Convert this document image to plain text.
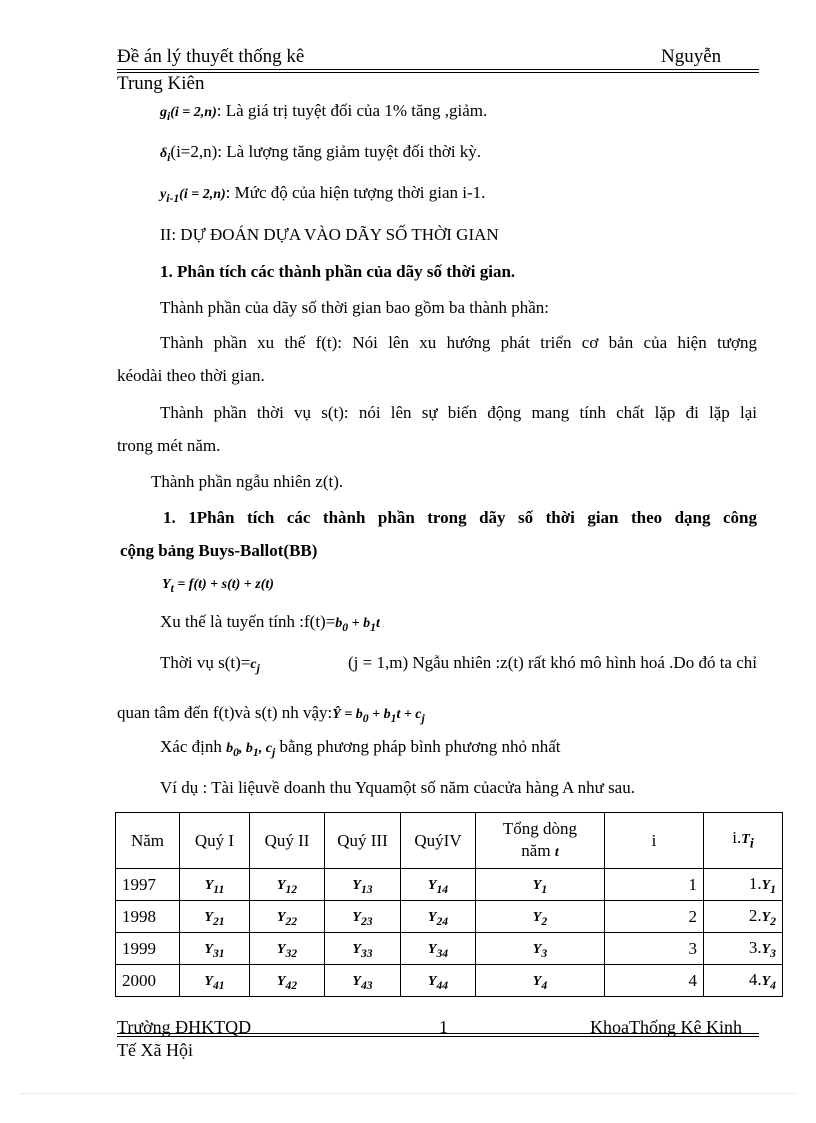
Đề án lý thuyết thống kê	Nguyễn
Trung Kiên
$g_i(i = 2,n)$: Là giá trị tuyệt đối của 1% tăng ,giảm.
$\delta_i(i=2,n)$: Là lượng tăng giảm tuyệt đối thời kỳ.
$y_{i-1}(i = 2,n)$: Mức độ của hiện tượng thời gian i-1.
II: DỰ ĐOÁN DỰA VÀO DÃY SỐ THỜI GIAN
1. Phân tích các thành phần của dãy số thời gian.
Thành phần của dãy số thời gian bao gồm ba thành phần:
Thành phần xu thế f(t): Nói lên xu hướng phát triển cơ bản của hiện tượng
kéodài theo thời gian.
Thành phần thời vụ s(t): nói lên sự biến động mang tính chất lặp đi lặp lại
trong mét năm.
Thành phần ngẫu nhiên z(t).
1. 1Phân tích các thành phần trong dãy số thời gian theo dạng công
cộng bảng Buys-Ballot(BB)
$Y_t = f(t) + s(t) + z(t)$
Xu thế là tuyến tính $:f(t)=b_0 + b_1t$
Thời vụ $s(t)=c_j$	(j = 1,m) Ngẫu nhiên :z(t) rất khó mô hình hoá .Do đó ta chỉ
quan tâm đến f(t)và s(t) nh vậy:Ŷ = $b_0 + b_1t + c_j$
Xác định $b_0$, $b_1$, $c_j$ bằng phương pháp bình phương nhỏ nhất
Ví dụ : Tài liệuvề doanh thu Yquamột số năm củacửa hàng A như sau.
Năm	Quý I	Quý II	Quý III	QuýIV	Tổng dòng
năm t	i	$i.T_i$
1997	$Y_{11}$	$Y_{12}$	$Y_{13}$	$Y_{14}$	$Y_1$	1	$1.Y_1$
1998	$Y_{21}$	$Y_{22}$	$Y_{23}$	$Y_{24}$	$Y_2$	2	$2.Y_2$
1999	$Y_{31}$	$Y_{32}$	$Y_{33}$	$Y_{34}$	$Y_3$	3	$3.Y_3$
2000	$Y_{41}$	$Y_{42}$	$Y_{43}$	$Y_{44}$	$Y_4$	4	$4.Y_4$
Trường ĐHKTQD	1	KhoaThống Kê Kinh
Tế Xã Hội
